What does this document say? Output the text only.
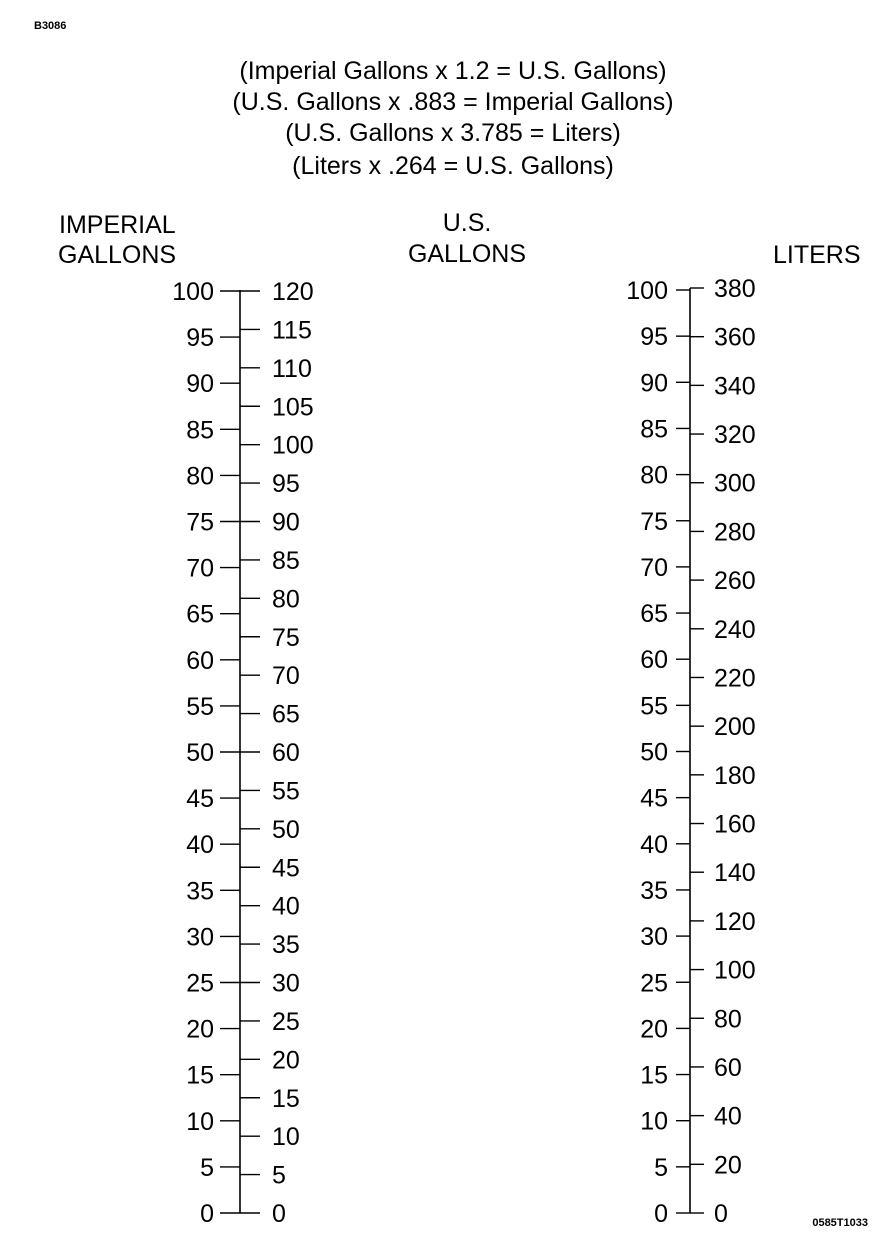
B3086
(Imperial Gallons x 1.2 = U.S. Gallons)
(U.S. Gallons x .883 = Imperial Gallons)
(U.S. Gallons x 3.785 = Liters)
(Liters x .264 = U.S. Gallons)
IMPERIAL
GALLONS
U.S.
GALLONS	LITERS
0
5
10
15
20
25
30
35
40
45
50
55
60
65
70
75
80
85
90
95
100
0
5
10
15
20
25
30
35
40
45
50
55
60
65
70
75
80
85
90
95
100
105
110
115
120
0
5
10
15
20
25
30
35
40
45
50
55
60
65
70
75
80
85
90
95
100
0
20
40
60
80
100
120
140
160
180
200
220
240
260
280
300
320
340
360
380
0585T1033
